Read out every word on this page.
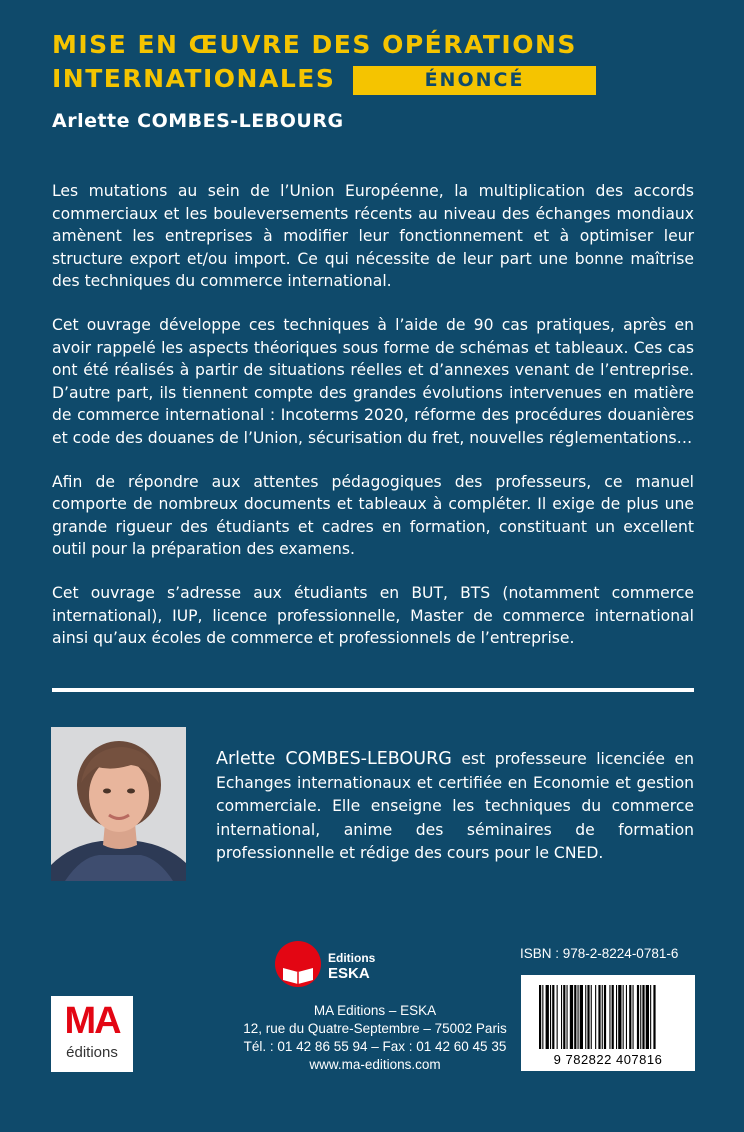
MISE EN ŒUVRE DES OPÉRATIONS
INTERNATIONALES	ÉNONCÉ
Arlette COMBES-LEBOURG

Les mutations au sein de l’Union Européenne, la multiplication des accords commerciaux et les bouleversements récents au niveau des échanges mondiaux amènent les entreprises à modifier leur fonctionnement et à optimiser leur structure export et/ou import. Ce qui nécessite de leur part une bonne maîtrise des techniques du commerce international.

Cet ouvrage développe ces techniques à l’aide de 90 cas pratiques, après en avoir rappelé les aspects théoriques sous forme de schémas et tableaux. Ces cas ont été réalisés à partir de situations réelles et d’annexes venant de l’entreprise. D’autre part, ils tiennent compte des grandes évolutions intervenues en matière de commerce international : Incoterms 2020, réforme des procédures douanières et code des douanes de l’Union, sécurisation du fret, nouvelles réglementations…

Afin de répondre aux attentes pédagogiques des professeurs, ce manuel comporte de nombreux documents et tableaux à compléter. Il exige de plus une grande rigueur des étudiants et cadres en formation, constituant un excellent outil pour la préparation des examens.

Cet ouvrage s’adresse aux étudiants en BUT, BTS (notamment commerce international), IUP, licence professionnelle, Master de commerce international ainsi qu’aux écoles de commerce et professionnels de l’entreprise.

Arlette COMBES-LEBOURG est professeure licenciée en Echanges internationaux et certifiée en Economie et gestion commerciale. Elle enseigne les techniques du commerce international, anime des séminaires de formation professionnelle et rédige des cours pour le CNED.
Editions
ESKA
MA Editions – ESKA
12, rue du Quatre-Septembre – 75002 Paris
Tél. : 01 42 86 55 94 – Fax : 01 42 60 45 35
www.ma-editions.com
MA
éditions
ISBN : 978-2-8224-0781-6
9 782822 407816
